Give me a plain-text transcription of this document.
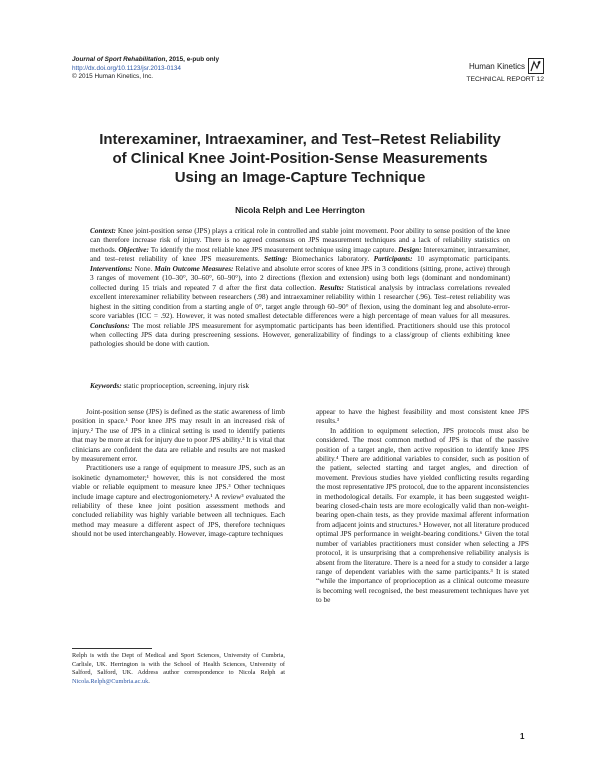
Journal of Sport Rehabilitation, 2015, e-pub only
http://dx.doi.org/10.1123/jsr.2013-0134
© 2015 Human Kinetics, Inc.
Human Kinetics
TECHNICAL REPORT 12
Interexaminer, Intraexaminer, and Test–Retest Reliability
of Clinical Knee Joint-Position-Sense Measurements
Using an Image-Capture Technique
Nicola Relph and Lee Herrington
Context: Knee joint-position sense (JPS) plays a critical role in controlled and stable joint movement. Poor ability to sense position of the knee can therefore increase risk of injury. There is no agreed consensus on JPS measurement techniques and a lack of reliability statistics on methods. Objective: To identify the most reliable knee JPS measurement technique using image capture. Design: Interexaminer, intraexaminer, and test–retest reliability of knee JPS measurements. Setting: Biomechanics laboratory. Participants: 10 asymptomatic participants. Interventions: None. Main Outcome Measures: Relative and absolute error scores of knee JPS in 3 conditions (sitting, prone, active) through 3 ranges of movement (10–30°, 30–60°, 60–90°), into 2 directions (flexion and extension) using both legs (dominant and nondominant) collected during 15 trials and repeated 7 d after the first data collection. Results: Statistical analysis by intraclass correlations revealed excellent interexaminer reliability between researchers (.98) and intraexaminer reliability within 1 researcher (.96). Test–retest reliability was highest in the sitting condition from a starting angle of 0°, target angle through 60–90° of flexion, using the dominant leg and absolute-error-score variables (ICC = .92). However, it was noted smallest detectable differences were a high percentage of mean values for all measures. Conclusions: The most reliable JPS measurement for asymptomatic participants has been identified. Practitioners should use this protocol when collecting JPS data during prescreening sessions. However, generalizability of findings to a class/group of clients exhibiting knee pathologies should be done with caution.
Keywords: static proprioception, screening, injury risk

Joint-position sense (JPS) is defined as the static awareness of limb position in space.¹ Poor knee JPS may result in an increased risk of injury.² The use of JPS in a clinical setting is used to identify patients that may be more at risk for injury due to poor JPS ability.³ It is vital that clinicians are confident the data are reliable and results are not masked by measurement error.

Practitioners use a range of equipment to measure JPS, such as an isokinetic dynamometer;¹ however, this is not considered the most viable or reliable equipment to measure knee JPS.³ Other techniques include image capture and electrogoniometery.¹ A review³ evaluated the reliability of these knee joint position assessment methods and concluded reliability was highly variable between all techniques. Each method may measure a different aspect of JPS, therefore techniques should not be used interchangeably. However, image-capture techniques

appear to have the highest feasibility and most consistent knee JPS results.³

In addition to equipment selection, JPS protocols must also be considered. The most common method of JPS is that of the passive position of a target angle, then active reposition to identify knee JPS ability.⁴ There are additional variables to consider, such as position of the patient, selected starting and target angles, and direction of movement. Previous studies have yielded conflicting results regarding the most representative JPS protocol, due to the apparent inconsistencies in methodological details. For example, it has been suggested weight-bearing closed-chain tests are more ecologically valid than non-weight-bearing open-chain tests, as they provide maximal afferent information from adjacent joints and structures.⁵ However, not all literature produced optimal JPS performance in weight-bearing conditions.⁶ Given the total number of variables practitioners must consider when selecting a JPS protocol, it is unsurprising that a comprehensive reliability analysis is absent from the literature. There is a need for a study to consider a large range of dependent variables with the same participants.³ It is stated “while the importance of proprioception as a clinical outcome measure is becoming well recognised, the best measurement techniques have yet to be

Relph is with the Dept of Medical and Sport Sciences, University of Cumbria, Carlisle, UK. Herrington is with the School of Health Sciences, University of Salford, Salford, UK. Address author correspondence to Nicola Relph at Nicola.Relph@Cumbria.ac.uk.
1
